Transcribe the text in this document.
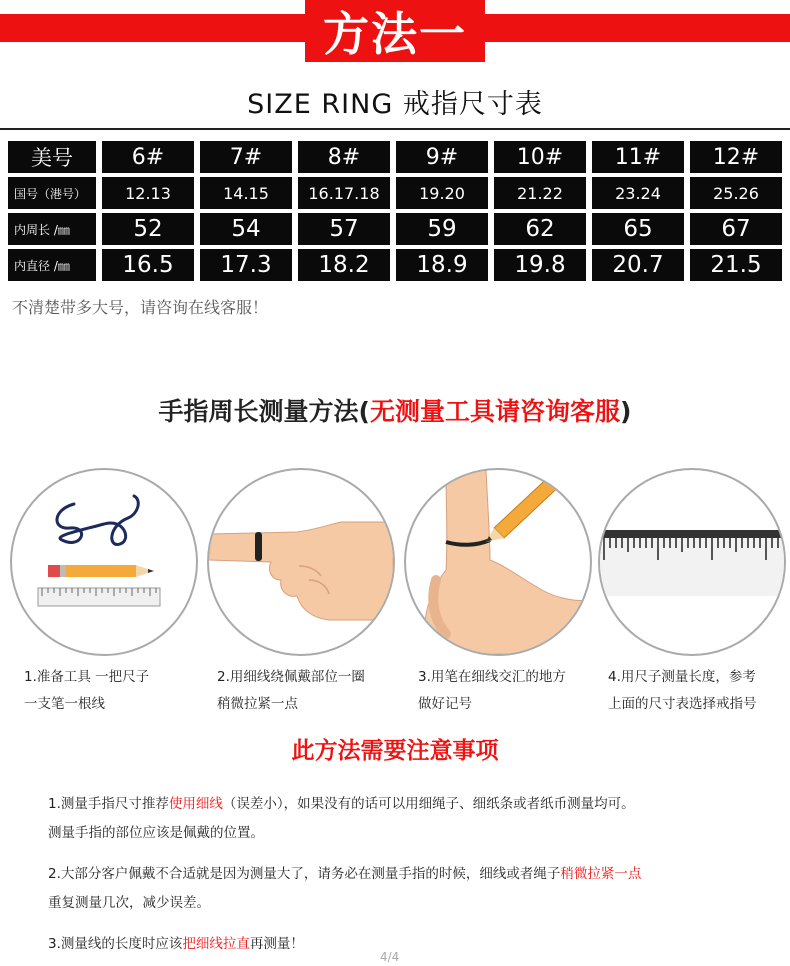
方法一
SIZE RING 戒指尺寸表
美号	6#	7#	8#	9#	10#	11#	12#
国号（港号）	12.13	14.15	16.17.18	19.20	21.22	23.24	25.26
内周长 /㎜	52	54	57	59	62	65	67
内直径 /㎜	16.5	17.3	18.2	18.9	19.8	20.7	21.5
不清楚带多大号，请咨询在线客服！
手指周长测量方法(无测量工具请咨询客服)
1.准备工具 一把尺子
一支笔一根线
2.用细线绕佩戴部位一圈
稍微拉紧一点
3.用笔在细线交汇的地方
做好记号
4.用尺子测量长度，参考
上面的尺寸表选择戒指号
此方法需要注意事项
1.测量手指尺寸推荐使用细线（误差小），如果没有的话可以用细绳子、细纸条或者纸币测量均可。
测量手指的部位应该是佩戴的位置。
2.大部分客户佩戴不合适就是因为测量大了，请务必在测量手指的时候，细线或者绳子稍微拉紧一点
重复测量几次，减少误差。
3.测量线的长度时应该把细线拉直再测量！
4/4
